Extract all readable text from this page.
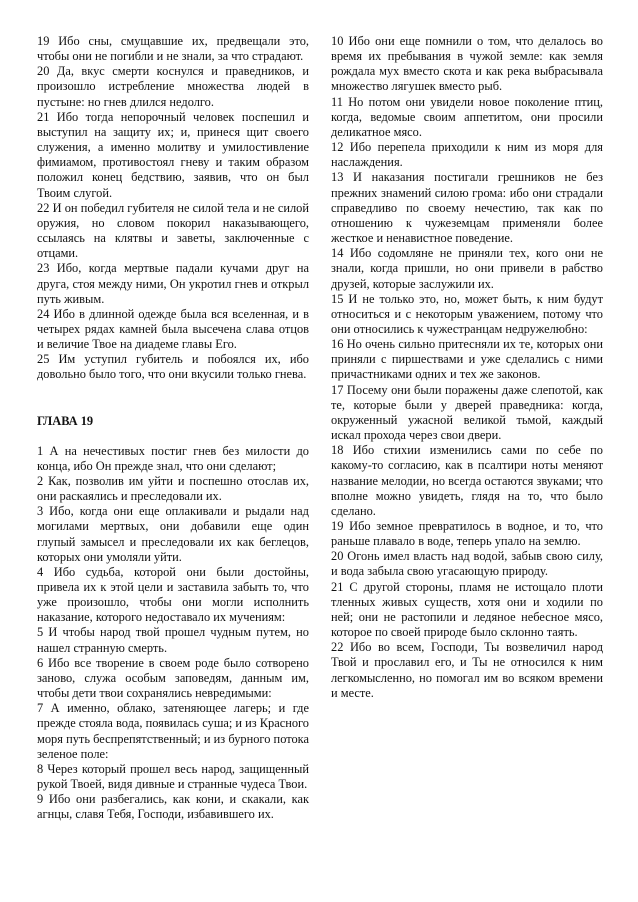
19 Ибо сны, смущавшие их, предвещали это, чтобы они не погибли и не знали, за что страдают.

20 Да, вкус смерти коснулся и праведников, и произошло истребление множества людей в пустыне: но гнев длился недолго.

21 Ибо тогда непорочный человек поспешил и выступил на защиту их; и, принеся щит своего служения, а именно молитву и умилостивление фимиамом, противостоял гневу и таким образом положил конец бедствию, заявив, что он был Твоим слугой.

22 И он победил губителя не силой тела и не силой оружия, но словом покорил наказывающего, ссылаясь на клятвы и заветы, заключенные с отцами.

23 Ибо, когда мертвые падали кучами друг на друга, стоя между ними, Он укротил гнев и открыл путь живым.

24 Ибо в длинной одежде была вся вселенная, и в четырех рядах камней была высечена слава отцов и величие Твое на диадеме главы Его.

25 Им уступил губитель и побоялся их, ибо довольно было того, что они вкусили только гнева.

ГЛАВА 19

1 А на нечестивых постиг гнев без милости до конца, ибо Он прежде знал, что они сделают;

2 Как, позволив им уйти и поспешно отослав их, они раскаялись и преследовали их.

3 Ибо, когда они еще оплакивали и рыдали над могилами мертвых, они добавили еще один глупый замысел и преследовали их как беглецов, которых они умоляли уйти.

4 Ибо судьба, которой они были достойны, привела их к этой цели и заставила забыть то, что уже произошло, чтобы они могли исполнить наказание, которого недоставало их мучениям:

5 И чтобы народ твой прошел чудным путем, но нашел странную смерть.

6 Ибо все творение в своем роде было сотворено заново, служа особым заповедям, данным им, чтобы дети твои сохранялись невредимыми:

7 А именно, облако, затеняющее лагерь; и где прежде стояла вода, появилась суша; и из Красного моря путь беспрепятственный; и из бурного потока зеленое поле:

8 Через который прошел весь народ, защищенный рукой Твоей, видя дивные и странные чудеса Твои.

9 Ибо они разбегались, как кони, и скакали, как агнцы, славя Тебя, Господи, избавившего их.

10 Ибо они еще помнили о том, что делалось во время их пребывания в чужой земле: как земля рождала мух вместо скота и как река выбрасывала множество лягушек вместо рыб.

11 Но потом они увидели новое поколение птиц, когда, ведомые своим аппетитом, они просили деликатное мясо.

12 Ибо перепела приходили к ним из моря для наслаждения.

13 И наказания постигали грешников не без прежних знамений силою грома: ибо они страдали справедливо по своему нечестию, так как по отношению к чужеземцам применяли более жесткое и ненавистное поведение.

14 Ибо содомляне не приняли тех, кого они не знали, когда пришли, но они привели в рабство друзей, которые заслужили их.

15 И не только это, но, может быть, к ним будут относиться и с некоторым уважением, потому что они относились к чужестранцам недружелюбно:

16 Но очень сильно притесняли их те, которых они приняли с пиршествами и уже сделались с ними причастниками одних и тех же законов.

17 Посему они были поражены даже слепотой, как те, которые были у дверей праведника: когда, окруженный ужасной великой тьмой, каждый искал прохода через свои двери.

18 Ибо стихии изменились сами по себе по какому-то согласию, как в псалтири ноты меняют название мелодии, но всегда остаются звуками; что вполне можно увидеть, глядя на то, что было сделано.

19 Ибо земное превратилось в водное, и то, что раньше плавало в воде, теперь упало на землю.

20 Огонь имел власть над водой, забыв свою силу, и вода забыла свою угасающую природу.

21 С другой стороны, пламя не истощало плоти тленных живых существ, хотя они и ходили по ней; они не растопили и ледяное небесное мясо, которое по своей природе было склонно таять.

22 Ибо во всем, Господи, Ты возвеличил народ Твой и прославил его, и Ты не относился к ним легкомысленно, но помогал им во всяком времени и месте.
